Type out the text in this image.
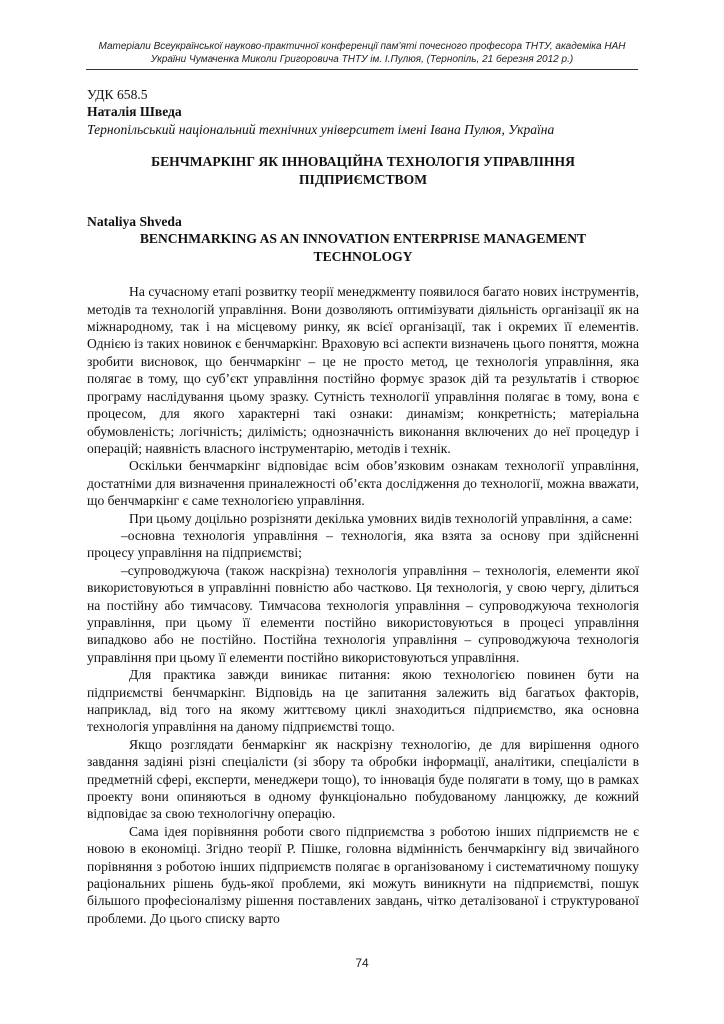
Матеріали Всеукраїнської науково-практичної конференції пам’яті почесного професора ТНТУ, академіка НАН
України Чумаченка Миколи Григоровича ТНТУ ім. І.Пулюя, (Тернопіль, 21 березня 2012 р.)

УДК 658.5

Наталія Шведа

Тернопільський національний технічних університет імені Івана Пулюя, Україна

БЕНЧМАРКІНГ ЯК ІННОВАЦІЙНА ТЕХНОЛОГІЯ УПРАВЛІННЯ ПІДПРИЄМСТВОМ

Nataliya Shveda

BENCHMARKING AS AN INNOVATION ENTERPRISE MANAGEMENT TECHNOLOGY

На сучасному етапі розвитку теорії менеджменту появилося багато нових інструментів, методів та технологій управління. Вони дозволяють оптимізувати діяльність організації як на міжнародному, так і на місцевому ринку, як всієї організації, так і окремих її елементів. Однією із таких новинок є бенчмаркінг. Враховую всі аспекти визначень цього поняття, можна зробити висновок, що бенчмаркінг – це не просто метод, це технологія управління, яка полягає в тому, що суб’єкт управління постійно формує зразок дій та результатів і створює програму наслідування цьому зразку. Сутність технології управління полягає в тому, вона є процесом, для якого характерні такі ознаки: динамізм; конкретність; матеріальна обумовленість; логічність; дилімість; однозначність виконання включених до неї процедур і операцій; наявність власного інструментарію, методів і технік.

Оскільки бенчмаркінг відповідає всім обов’язковим ознакам технології управління, достатніми для визначення приналежності об’єкта дослідження до технології, можна вважати, що бенчмаркінг є саме технологією управління.

При цьому доцільно розрізняти декілька умовних видів технологій управління, а саме:

–основна технологія управління – технологія, яка взята за основу при здійсненні процесу управління на підприємстві;

–супроводжуюча (також наскрізна) технологія управління – технологія, елементи якої використовуються в управлінні повністю або частково. Ця технологія, у свою чергу, ділиться на постійну або тимчасову. Тимчасова технологія управління – супроводжуюча технологія управління, при цьому її елементи постійно використовуються в процесі управління випадково або не постійно. Постійна технологія управління – супроводжуюча технологія управління при цьому її елементи постійно використовуються управління.

Для практика завжди виникає питання: якою технологією повинен бути на підприємстві бенчмаркінг. Відповідь на це запитання залежить від багатьох факторів, наприклад, від того на якому життєвому циклі знаходиться підприємство, яка основна технологія управління на даному підприємстві тощо.

Якщо розглядати бенмаркінг як наскрізну технологію, де для вирішення одного завдання задіяні різні спеціалісти (зі збору та обробки інформації, аналітики, спеціалісти в предметній сфері, експерти, менеджери тощо), то інновація буде полягати в тому, що в рамках проекту вони опиняються в одному функціонально побудованому ланцюжку, де кожний відповідає за свою технологічну операцію.

Сама ідея порівняння роботи свого підприємства з роботою інших підприємств не є новою в економіці. Згідно теорії Р. Пішке, головна відмінність бенчмаркінгу від звичайного порівняння з роботою інших підприємств полягає в організованому і систематичному пошуку раціональних рішень будь-якої проблеми, які можуть виникнути на підприємстві, пошук більшого професіоналізму рішення поставлених завдань, чітко деталізованої і структурованої проблеми. До цього списку варто

74
